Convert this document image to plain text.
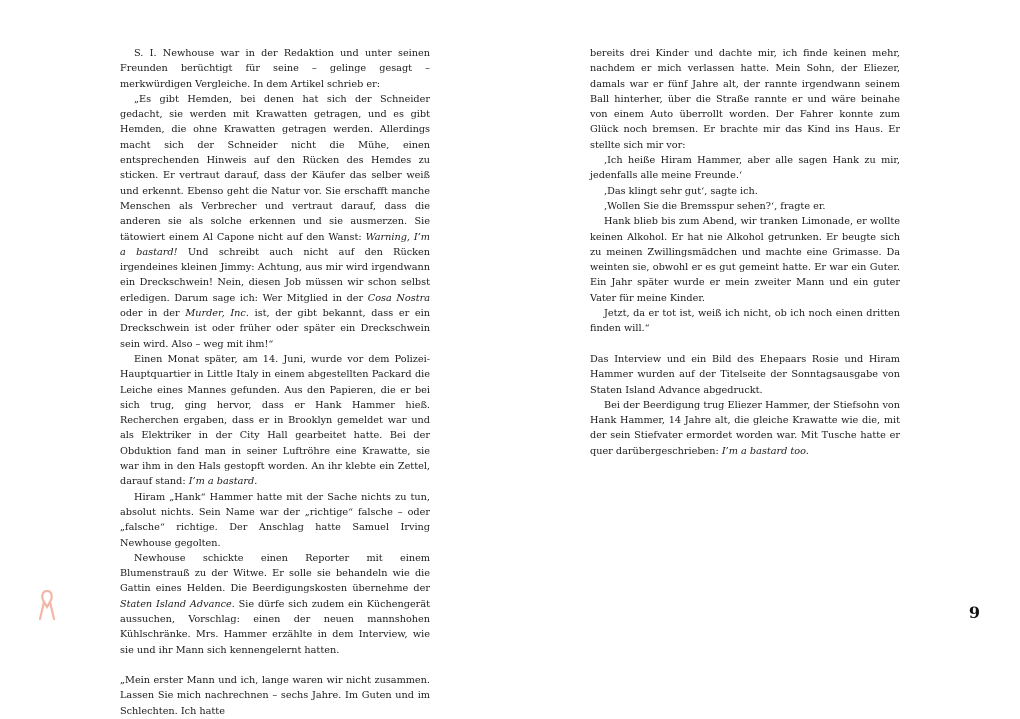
S. I. Newhouse war in der Redaktion und unter seinen Freunden berüchtigt für seine – gelinge gesagt – merkwürdigen Vergleiche. In dem Artikel schrieb er:

„Es gibt Hemden, bei denen hat sich der Schneider gedacht, sie werden mit Krawatten getragen, und es gibt Hemden, die ohne Krawatten getragen werden. Allerdings macht sich der Schneider nicht die Mühe, einen entsprechenden Hinweis auf den Rücken des Hemdes zu sticken. Er vertraut darauf, dass der Käufer das selber weiß und erkennt. Ebenso geht die Natur vor. Sie erschafft manche Menschen als Verbrecher und vertraut darauf, dass die anderen sie als solche erkennen und sie ausmerzen. Sie tätowiert einem Al Capone nicht auf den Wanst: Warning, I’m a bastard! Und schreibt auch nicht auf den Rücken irgendeines kleinen Jimmy: Achtung, aus mir wird irgendwann ein Dreckschwein! Nein, diesen Job müssen wir schon selbst erledigen. Darum sage ich: Wer Mitglied in der Cosa Nostra oder in der Murder, Inc. ist, der gibt bekannt, dass er ein Dreckschwein ist oder früher oder später ein Dreckschwein sein wird. Also – weg mit ihm!“

Einen Monat später, am 14. Juni, wurde vor dem Polizei-Hauptquartier in Little Italy in einem abgestellten Packard die Leiche eines Mannes gefunden. Aus den Papieren, die er bei sich trug, ging hervor, dass er Hank Hammer hieß. Recherchen ergaben, dass er in Brooklyn gemeldet war und als Elektriker in der City Hall gearbeitet hatte. Bei der Obduktion fand man in seiner Luftröhre eine Krawatte, sie war ihm in den Hals gestopft worden. An ihr klebte ein Zettel, darauf stand: I’m a bastard.

Hiram „Hank“ Hammer hatte mit der Sache nichts zu tun, absolut nichts. Sein Name war der „richtige“ falsche – oder „falsche“ richtige. Der Anschlag hatte Samuel Irving Newhouse gegolten.

Newhouse schickte einen Reporter mit einem Blumenstrauß zu der Witwe. Er solle sie behandeln wie die Gattin eines Helden. Die Beerdigungskosten übernehme der Staten Island Advance. Sie dürfe sich zudem ein Küchengerät aussuchen, Vorschlag: einen der neuen mannshohen Kühlschränke. Mrs. Hammer erzählte in dem Interview, wie sie und ihr Mann sich kennengelernt hatten.

„Mein erster Mann und ich, lange waren wir nicht zusammen. Lassen Sie mich nachrechnen – sechs Jahre. Im Guten und im Schlechten. Ich hatte

bereits drei Kinder und dachte mir, ich finde keinen mehr, nachdem er mich verlassen hatte. Mein Sohn, der Eliezer, damals war er fünf Jahre alt, der rannte irgendwann seinem Ball hinterher, über die Straße rannte er und wäre beinahe von einem Auto überrollt worden. Der Fahrer konnte zum Glück noch bremsen. Er brachte mir das Kind ins Haus. Er stellte sich mir vor:

‚Ich heiße Hiram Hammer, aber alle sagen Hank zu mir, jedenfalls alle meine Freunde.‘

‚Das klingt sehr gut‘, sagte ich.

‚Wollen Sie die Bremsspur sehen?‘, fragte er.

Hank blieb bis zum Abend, wir tranken Limonade, er wollte keinen Alkohol. Er hat nie Alkohol getrunken. Er beugte sich zu meinen Zwillingsmädchen und machte eine Grimasse. Da weinten sie, obwohl er es gut gemeint hatte. Er war ein Guter. Ein Jahr später wurde er mein zweiter Mann und ein guter Vater für meine Kinder.

Jetzt, da er tot ist, weiß ich nicht, ob ich noch einen dritten finden will.“

Das Interview und ein Bild des Ehepaars Rosie und Hiram Hammer wurden auf der Titelseite der Sonntagsausgabe von Staten Island Advance abgedruckt.

Bei der Beerdigung trug Eliezer Hammer, der Stiefsohn von Hank Hammer, 14 Jahre alt, die gleiche Krawatte wie die, mit der sein Stiefvater ermordet worden war. Mit Tusche hatte er quer darübergeschrieben: I’m a bastard too.

9
